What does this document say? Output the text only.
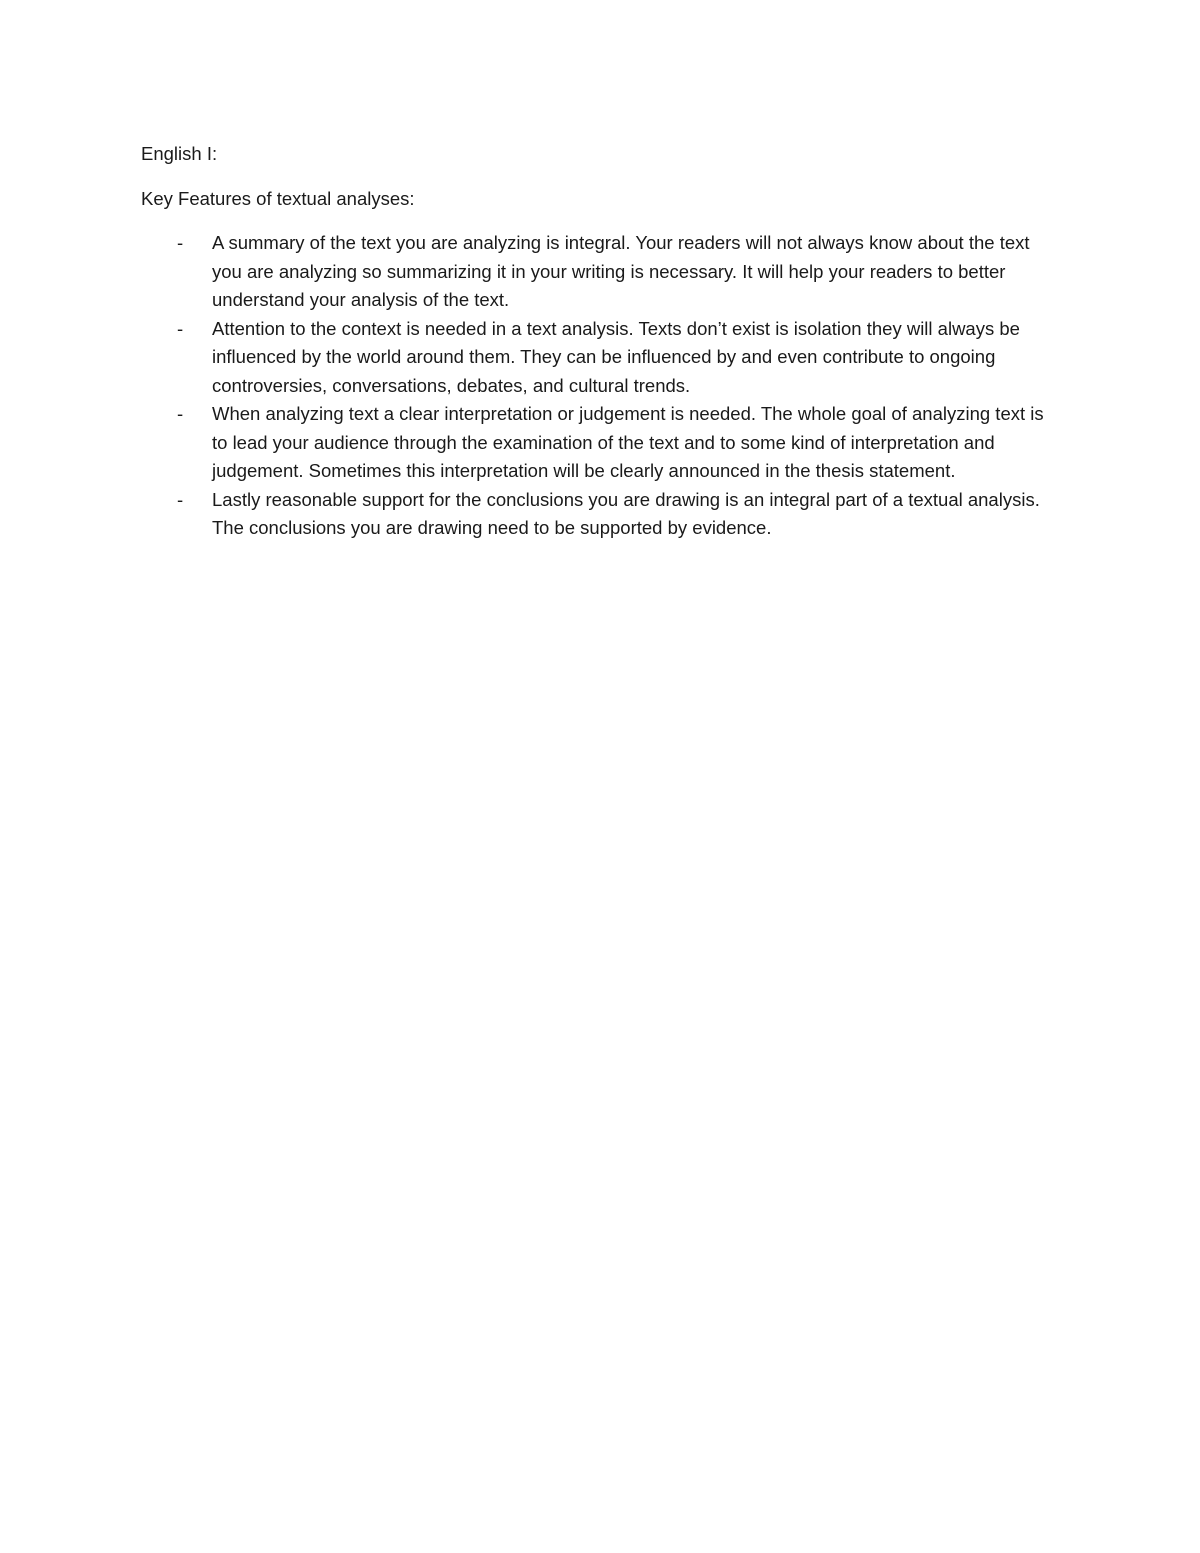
English I:

Key Features of textual analyses:

- A summary of the text you are analyzing is integral. Your readers will not always know about the text you are analyzing so summarizing it in your writing is necessary. It will help your readers to better understand your analysis of the text.
- Attention to the context is needed in a text analysis. Texts don’t exist is isolation they will always be influenced by the world around them. They can be influenced by and even contribute to ongoing controversies, conversations, debates, and cultural trends.
- When analyzing text a clear interpretation or judgement is needed. The whole goal of analyzing text is to lead your audience through the examination of the text and to some kind of interpretation and judgement. Sometimes this interpretation will be clearly announced in the thesis statement.
- Lastly reasonable support for the conclusions you are drawing is an integral part of a textual analysis. The conclusions you are drawing need to be supported by evidence.
